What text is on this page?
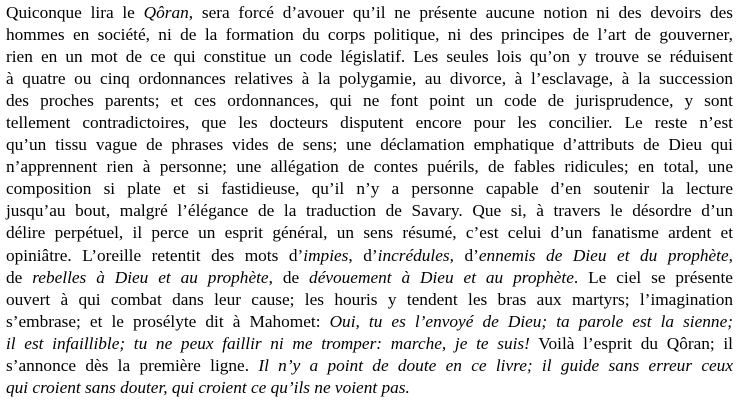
Quiconque lira le Qôran, sera forcé d’avouer qu’il ne présente aucune notion ni des devoirs des
hommes en société, ni de la formation du corps politique, ni des principes de l’art de gouverner,
rien en un mot de ce qui constitue un code législatif. Les seules lois qu’on y trouve se réduisent
à quatre ou cinq ordonnances relatives à la polygamie, au divorce, à l’esclavage, à la succession
des proches parents; et ces ordonnances, qui ne font point un code de jurisprudence, y sont
tellement contradictoires, que les docteurs disputent encore pour les concilier. Le reste n’est
qu’un tissu vague de phrases vides de sens; une déclamation emphatique d’attributs de Dieu qui
n’apprennent rien à personne; une allégation de contes puérils, de fables ridicules; en total, une
composition si plate et si fastidieuse, qu’il n’y a personne capable d’en soutenir la lecture
jusqu’au bout, malgré l’élégance de la traduction de Savary. Que si, à travers le désordre d’un
délire perpétuel, il perce un esprit général, un sens résumé, c’est celui d’un fanatisme ardent et
opiniâtre. L’oreille retentit des mots d’impies, d’incrédules, d’ennemis de Dieu et du prophète,
de rebelles à Dieu et au prophète, de dévouement à Dieu et au prophète. Le ciel se présente
ouvert à qui combat dans leur cause; les houris y tendent les bras aux martyrs; l’imagination
s’embrase; et le prosélyte dit à Mahomet: Oui, tu es l’envoyé de Dieu; ta parole est la sienne;
il est infaillible; tu ne peux faillir ni me tromper: marche, je te suis! Voilà l’esprit du Qôran; il
s’annonce dès la première ligne. Il n’y a point de doute en ce livre; il guide sans erreur ceux
qui croient sans douter, qui croient ce qu’ils ne voient pas.
